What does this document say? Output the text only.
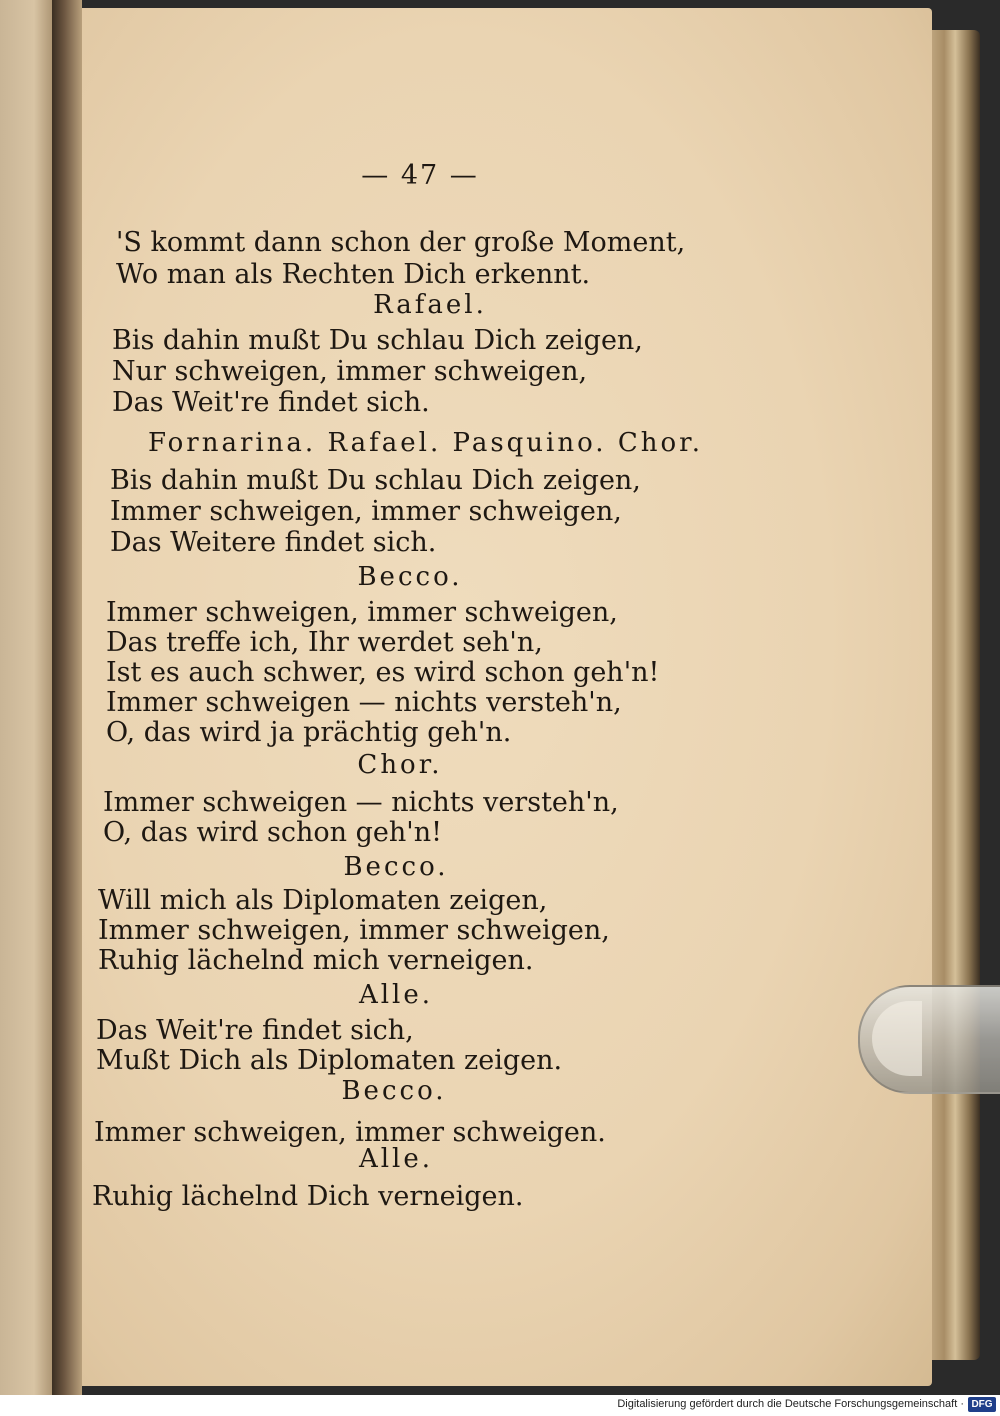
— 47 —
'S kommt dann schon der große Moment,
Wo man als Rechten Dich erkennt.
Rafael.
Bis dahin mußt Du schlau Dich zeigen,
Nur schweigen, immer schweigen,
Das Weit're findet sich.
Fornarina. Rafael. Pasquino. Chor.
Bis dahin mußt Du schlau Dich zeigen,
Immer schweigen, immer schweigen,
Das Weitere findet sich.
Becco.
Immer schweigen, immer schweigen,
Das treffe ich, Ihr werdet seh'n,
Ist es auch schwer, es wird schon geh'n!
Immer schweigen — nichts versteh'n,
O, das wird ja prächtig geh'n.
Chor.
Immer schweigen — nichts versteh'n,
O, das wird schon geh'n!
Becco.
Will mich als Diplomaten zeigen,
Immer schweigen, immer schweigen,
Ruhig lächelnd mich verneigen.
Alle.
Das Weit're findet sich,
Mußt Dich als Diplomaten zeigen.
Becco.
Immer schweigen, immer schweigen.
Alle.
Ruhig lächelnd Dich verneigen.
Digitalisierung gefördert durch die Deutsche Forschungsgemeinschaft · DFG
